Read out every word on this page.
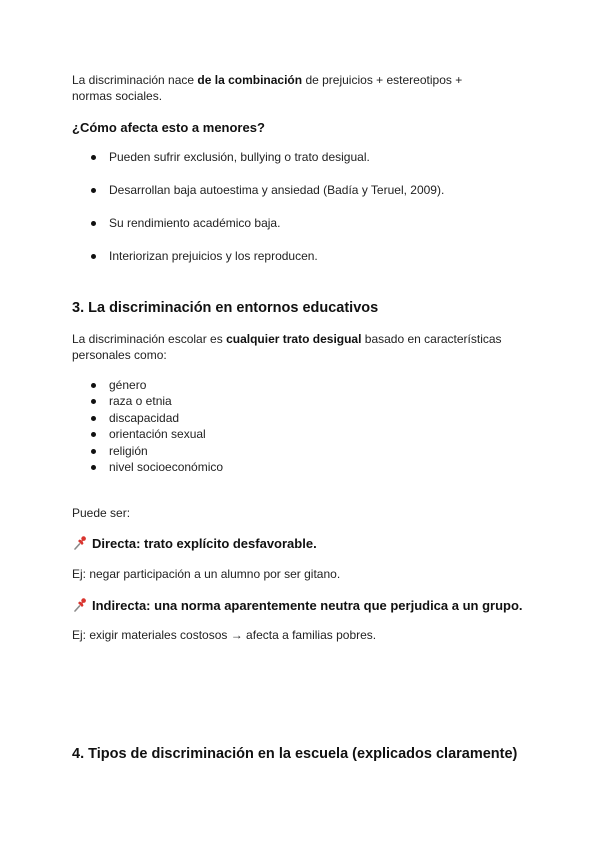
La discriminación nace de la combinación de prejuicios + estereotipos +
normas sociales.
¿Cómo afecta esto a menores?
Pueden sufrir exclusión, bullying o trato desigual.
Desarrollan baja autoestima y ansiedad (Badía y Teruel, 2009).
Su rendimiento académico baja.
Interiorizan prejuicios y los reproducen.
3. La discriminación en entornos educativos
La discriminación escolar es cualquier trato desigual basado en características
personales como:
género
raza o etnia
discapacidad
orientación sexual
religión
nivel socioeconómico
Puede ser:
Directa: trato explícito desfavorable.
Ej: negar participación a un alumno por ser gitano.
Indirecta: una norma aparentemente neutra que perjudica a un grupo.
Ej: exigir materiales costosos → afecta a familias pobres.
4. Tipos de discriminación en la escuela (explicados claramente)
